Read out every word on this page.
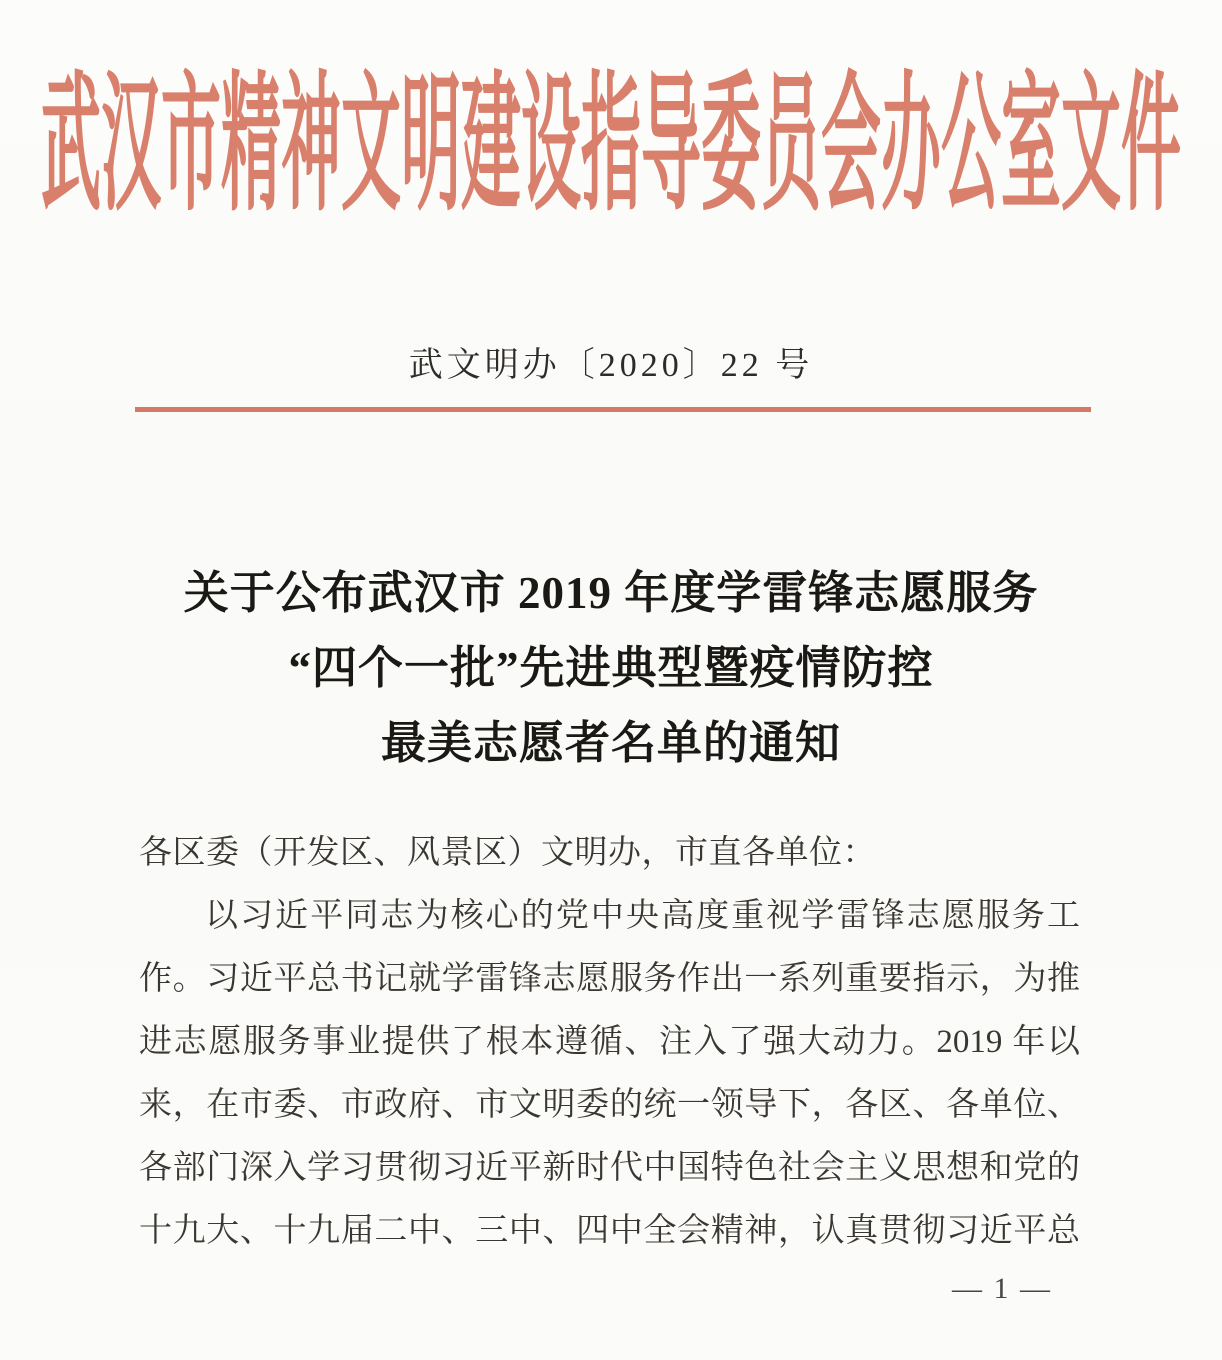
武汉市精神文明建设指导委员会办公室文件
武文明办〔2020〕22 号
关于公布武汉市 2019 年度学雷锋志愿服务
“四个一批”先进典型暨疫情防控
最美志愿者名单的通知
各区委（开发区、风景区）文明办，市直各单位：
以习近平同志为核心的党中央高度重视学雷锋志愿服务工
作。习近平总书记就学雷锋志愿服务作出一系列重要指示，为推
进志愿服务事业提供了根本遵循、注入了强大动力。2019 年以
来，在市委、市政府、市文明委的统一领导下，各区、各单位、
各部门深入学习贯彻习近平新时代中国特色社会主义思想和党的
十九大、十九届二中、三中、四中全会精神，认真贯彻习近平总
— 1 —
